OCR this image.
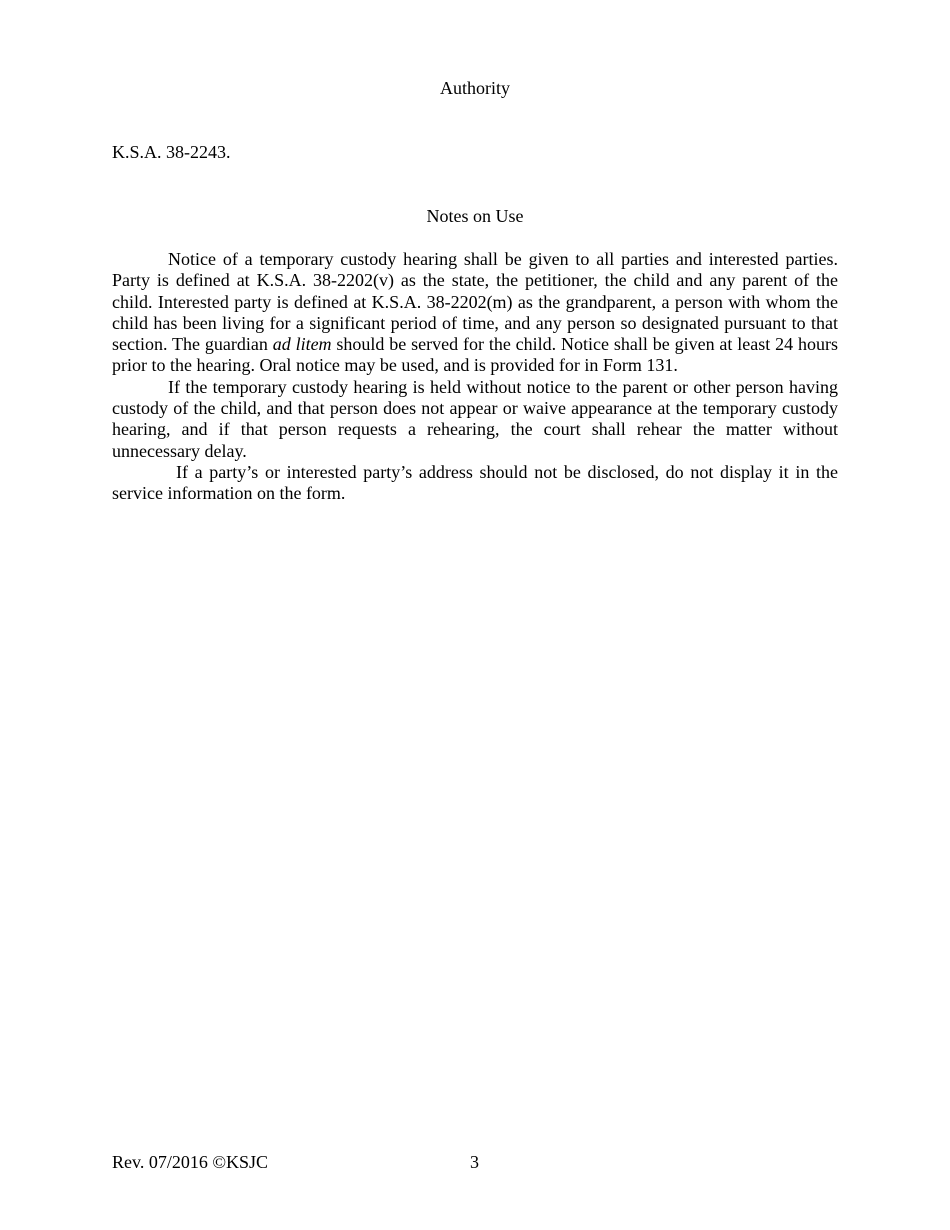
Authority
K.S.A. 38-2243.
Notes on Use

Notice of a temporary custody hearing shall be given to all parties and interested parties. Party is defined at K.S.A. 38-2202(v) as the state, the petitioner, the child and any parent of the child. Interested party is defined at K.S.A. 38-2202(m) as the grandparent, a person with whom the child has been living for a significant period of time, and any person so designated pursuant to that section. The guardian ad litem should be served for the child. Notice shall be given at least 24 hours prior to the hearing. Oral notice may be used, and is provided for in Form 131.

If the temporary custody hearing is held without notice to the parent or other person having custody of the child, and that person does not appear or waive appearance at the temporary custody hearing, and if that person requests a rehearing, the court shall rehear the matter without unnecessary delay.

If a party’s or interested party’s address should not be disclosed, do not display it in the service information on the form.

Rev. 07/2016 ©KSJC	3
